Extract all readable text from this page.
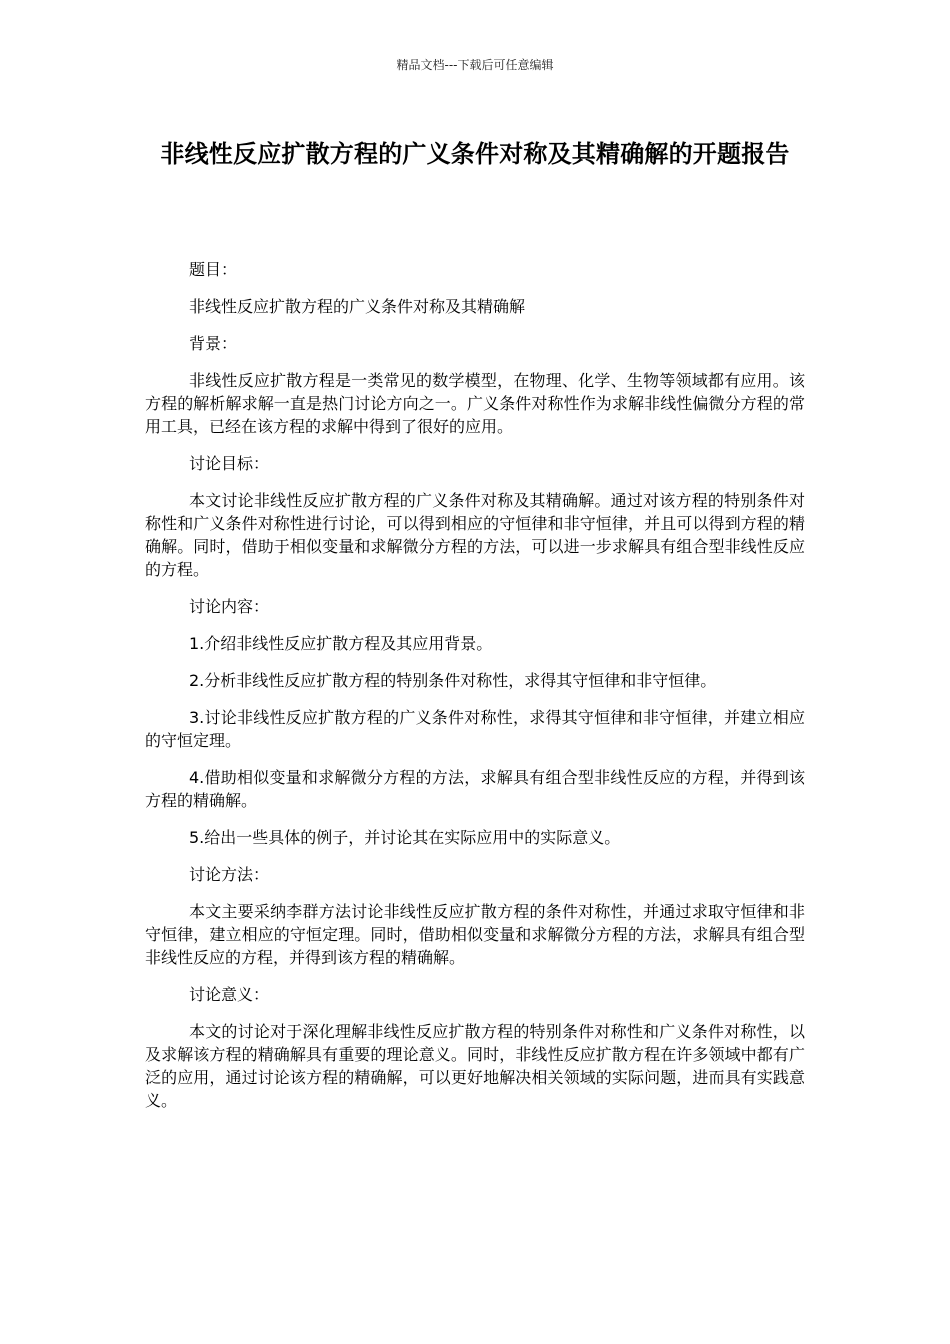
精品文档---下载后可任意编辑
非线性反应扩散方程的广义条件对称及其精确解的开题报告

题目：

非线性反应扩散方程的广义条件对称及其精确解

背景：

非线性反应扩散方程是一类常见的数学模型，在物理、化学、生物等领域都有应用。该方程的解析解求解一直是热门讨论方向之一。广义条件对称性作为求解非线性偏微分方程的常用工具，已经在该方程的求解中得到了很好的应用。

讨论目标：

本文讨论非线性反应扩散方程的广义条件对称及其精确解。通过对该方程的特别条件对称性和广义条件对称性进行讨论，可以得到相应的守恒律和非守恒律，并且可以得到方程的精确解。同时，借助于相似变量和求解微分方程的方法，可以进一步求解具有组合型非线性反应的方程。

讨论内容：

1.介绍非线性反应扩散方程及其应用背景。

2.分析非线性反应扩散方程的特别条件对称性，求得其守恒律和非守恒律。

3.讨论非线性反应扩散方程的广义条件对称性，求得其守恒律和非守恒律，并建立相应的守恒定理。

4.借助相似变量和求解微分方程的方法，求解具有组合型非线性反应的方程，并得到该方程的精确解。

5.给出一些具体的例子，并讨论其在实际应用中的实际意义。

讨论方法：

本文主要采纳李群方法讨论非线性反应扩散方程的条件对称性，并通过求取守恒律和非守恒律，建立相应的守恒定理。同时，借助相似变量和求解微分方程的方法，求解具有组合型非线性反应的方程，并得到该方程的精确解。

讨论意义：

本文的讨论对于深化理解非线性反应扩散方程的特别条件对称性和广义条件对称性，以及求解该方程的精确解具有重要的理论意义。同时，非线性反应扩散方程在许多领域中都有广泛的应用，通过讨论该方程的精确解，可以更好地解决相关领域的实际问题，进而具有实践意义。
